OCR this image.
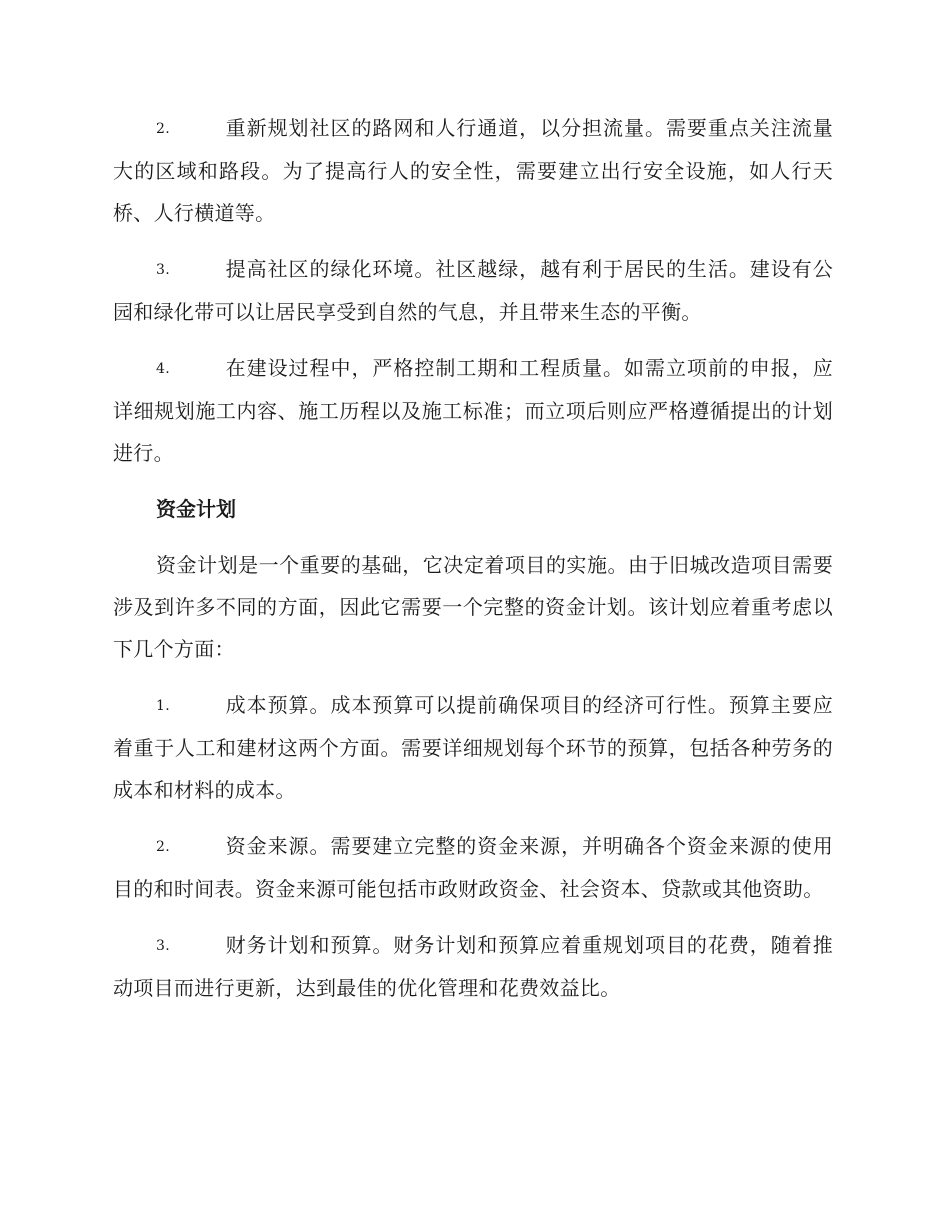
2.	重新规划社区的路网和人行通道，以分担流量。需要重点关注流量大的区域和路段。为了提高行人的安全性，需要建立出行安全设施，如人行天桥、人行横道等。

3.	提高社区的绿化环境。社区越绿，越有利于居民的生活。建设有公园和绿化带可以让居民享受到自然的气息，并且带来生态的平衡。

4.	在建设过程中，严格控制工期和工程质量。如需立项前的申报，应详细规划施工内容、施工历程以及施工标准；而立项后则应严格遵循提出的计划进行。

资金计划

资金计划是一个重要的基础，它决定着项目的实施。由于旧城改造项目需要涉及到许多不同的方面，因此它需要一个完整的资金计划。该计划应着重考虑以下几个方面：

1.	成本预算。成本预算可以提前确保项目的经济可行性。预算主要应着重于人工和建材这两个方面。需要详细规划每个环节的预算，包括各种劳务的成本和材料的成本。

2.	资金来源。需要建立完整的资金来源，并明确各个资金来源的使用目的和时间表。资金来源可能包括市政财政资金、社会资本、贷款或其他资助。

3.	财务计划和预算。财务计划和预算应着重规划项目的花费，随着推动项目而进行更新，达到最佳的优化管理和花费效益比。
